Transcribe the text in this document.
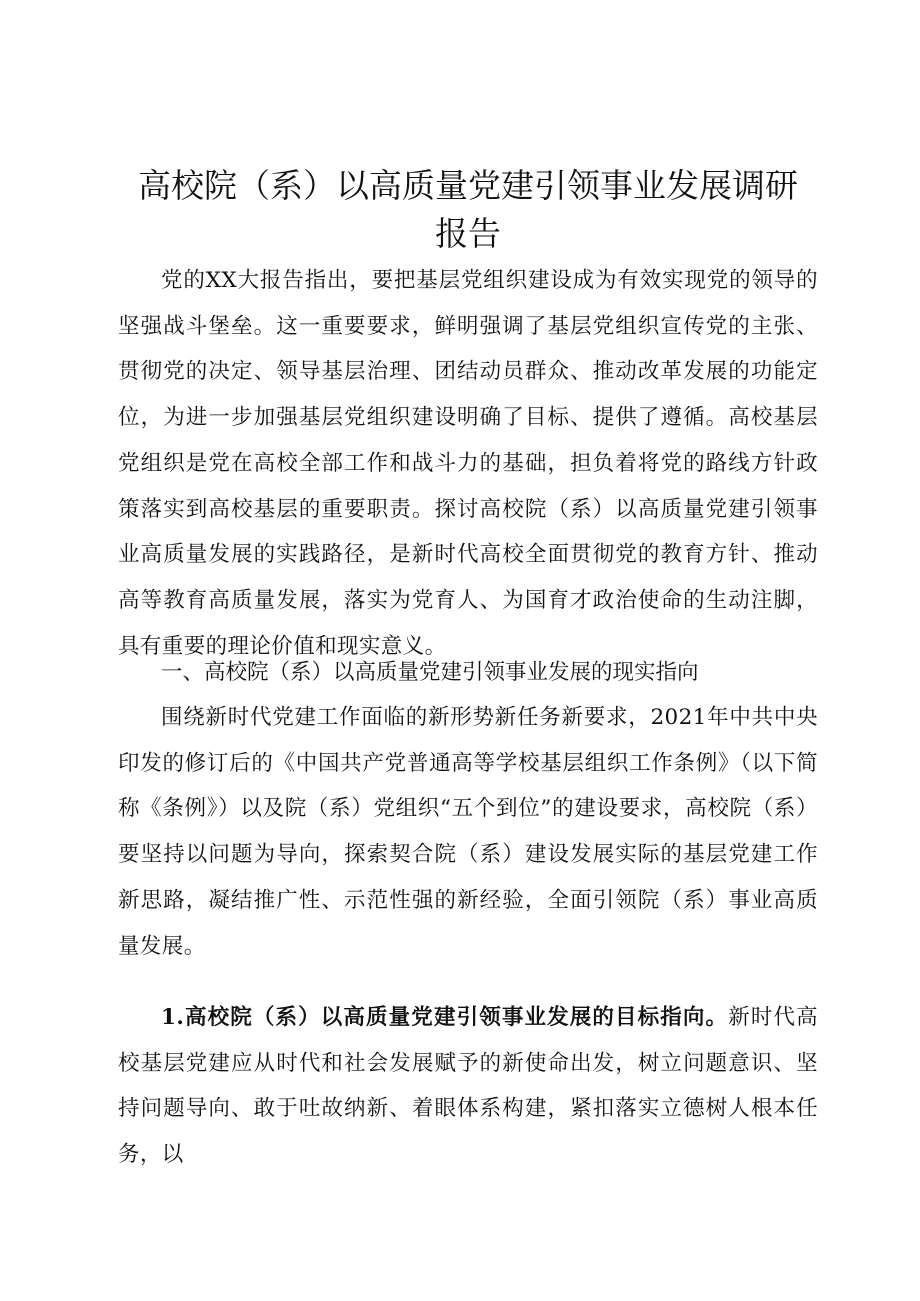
高校院（系）以高质量党建引领事业发展调研
报告

党的XX大报告指出，要把基层党组织建设成为有效实现党的领导的坚强战斗堡垒。这一重要要求，鲜明强调了基层党组织宣传党的主张、贯彻党的决定、领导基层治理、团结动员群众、推动改革发展的功能定位，为进一步加强基层党组织建设明确了目标、提供了遵循。高校基层党组织是党在高校全部工作和战斗力的基础，担负着将党的路线方针政策落实到高校基层的重要职责。探讨高校院（系）以高质量党建引领事业高质量发展的实践路径，是新时代高校全面贯彻党的教育方针、推动高等教育高质量发展，落实为党育人、为国育才政治使命的生动注脚，具有重要的理论价值和现实意义。

一、高校院（系）以高质量党建引领事业发展的现实指向

围绕新时代党建工作面临的新形势新任务新要求，2021年中共中央印发的修订后的《中国共产党普通高等学校基层组织工作条例》（以下简称《条例》）以及院（系）党组织“五个到位”的建设要求，高校院（系）要坚持以问题为导向，探索契合院（系）建设发展实际的基层党建工作新思路，凝结推广性、示范性强的新经验，全面引领院（系）事业高质量发展。

1.高校院（系）以高质量党建引领事业发展的目标指向。新时代高校基层党建应从时代和社会发展赋予的新使命出发，树立问题意识、坚持问题导向、敢于吐故纳新、着眼体系构建，紧扣落实立德树人根本任务，以
